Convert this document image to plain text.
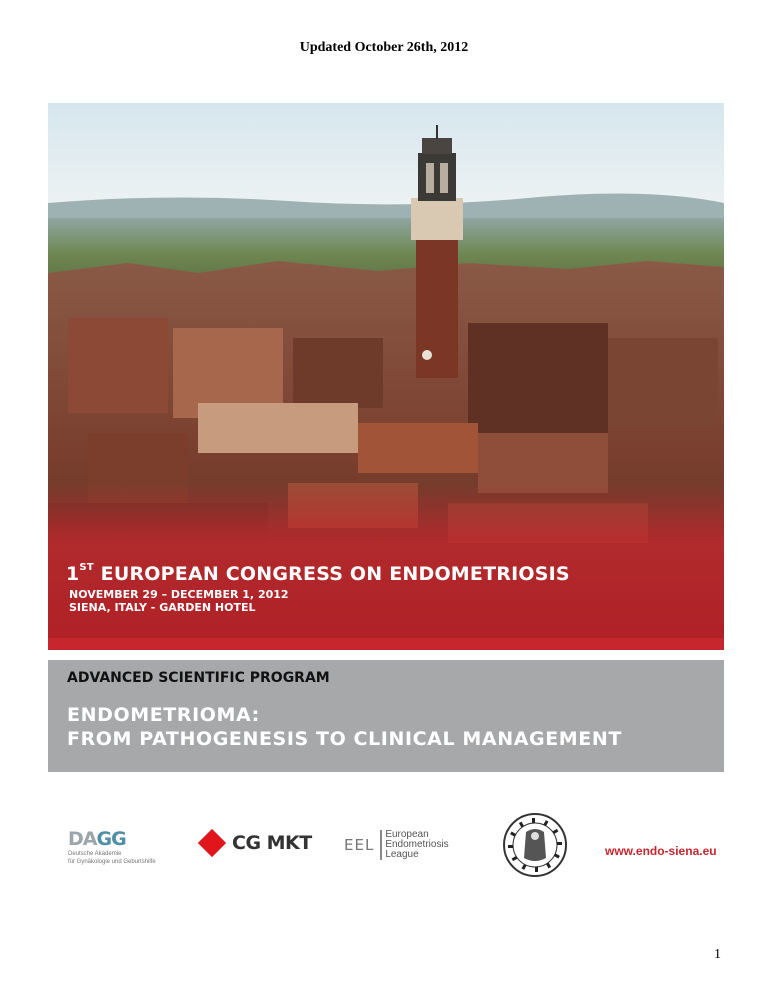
Updated October 26th, 2012
1ST EUROPEAN CONGRESS ON ENDOMETRIOSIS
NOVEMBER 29 – DECEMBER 1, 2012
SIENA, ITALY - GARDEN HOTEL
ADVANCED SCIENTIFIC PROGRAM
ENDOMETRIOMA:
FROM PATHOGENESIS TO CLINICAL MANAGEMENT
DAGG
Deutsche Akademie
für Gynäkologie und Geburtshilfe
CG MKT EEL
European
Endometriosis
League	www.endo-siena.eu
1
